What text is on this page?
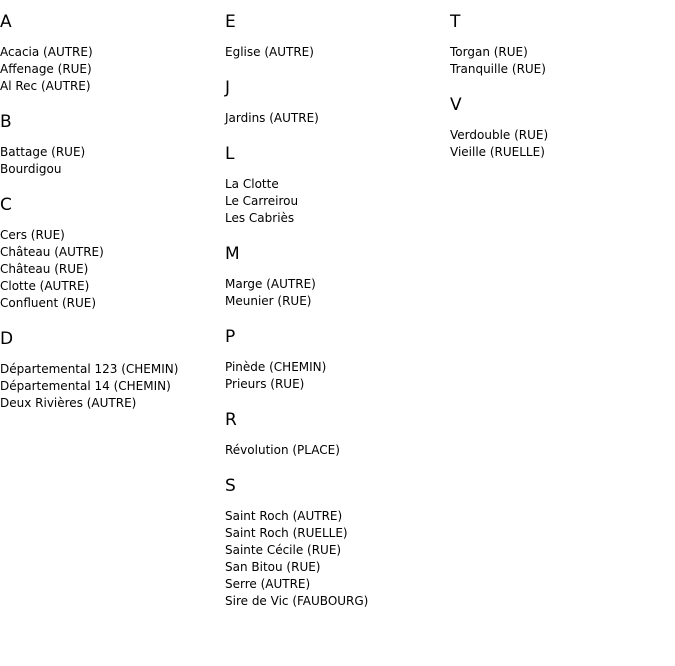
A
Acacia (AUTRE)
Affenage (RUE)
Al Rec (AUTRE)
B
Battage (RUE)
Bourdigou
C
Cers (RUE)
Château (AUTRE)
Château (RUE)
Clotte (AUTRE)
Confluent (RUE)
D
Départemental 123 (CHEMIN)
Départemental 14 (CHEMIN)
Deux Rivières (AUTRE)
E
Eglise (AUTRE)
J
Jardins (AUTRE)
L
La Clotte
Le Carreirou
Les Cabriès
M
Marge (AUTRE)
Meunier (RUE)
P
Pinède (CHEMIN)
Prieurs (RUE)
R
Révolution (PLACE)
S
Saint Roch (AUTRE)
Saint Roch (RUELLE)
Sainte Cécile (RUE)
San Bitou (RUE)
Serre (AUTRE)
Sire de Vic (FAUBOURG)
T
Torgan (RUE)
Tranquille (RUE)
V
Verdouble (RUE)
Vieille (RUELLE)
